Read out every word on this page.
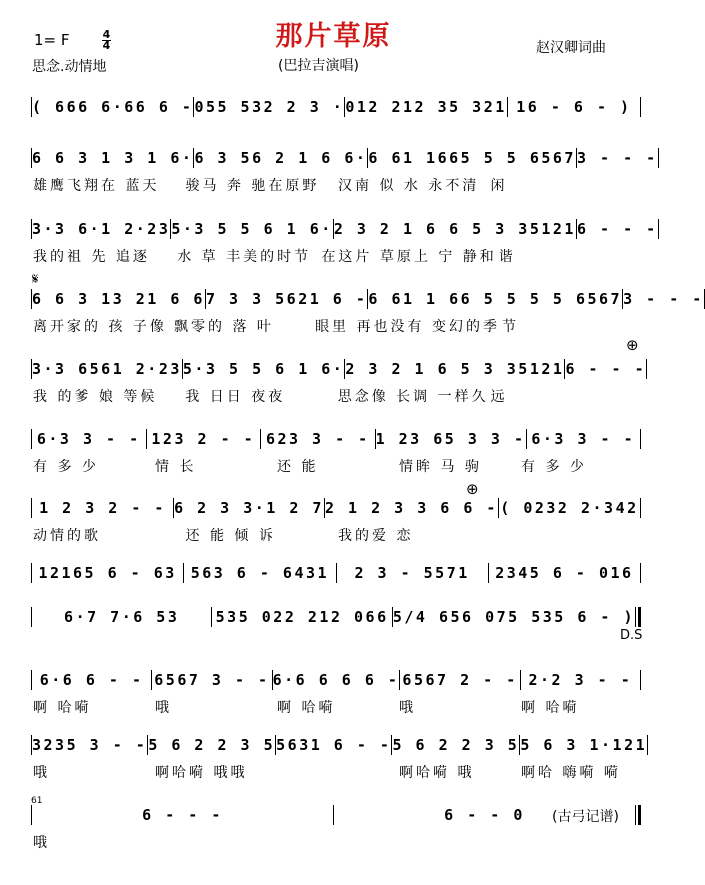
那片草原
1= F	4
4
思念.动情地	(巴拉吉演唱)
赵汉卿词曲
( 666 6·66 6 - 055 532 2 3 · 012 212 35 321 16 - 6 - )
6 6 3 1 3 1 6· 6 3 56 2 1 6 6· 6 61 1665 5 5 6567 3 - - -
雄鹰飞翔在 蓝天	骏马 奔 驰在原野	汉南 似 水 永不清 闲
3·3 6·1 2·23 5·3 5 5 6 1 6· 2 3 2 1 6 6 5 3 35121 6 - - -
我的祖 先 追逐	水 草 丰美的时节 在这片 草原上 宁 静和 谐
6 6 3 13 21 6 6 7 3 3 5621 6 - 6 61 1 66 5 5 5 5 6567 3 - - -
离开家的 孩 子像 飘零的 落 叶	眼里 再也没有 变幻的季 节
3·3 6561 2·23 5·3 5 5 6 1 6· 2 3 2 1 6 5 3 35121 6 - - -
我 的爹 娘 等候	我 日日 夜夜	思念像 长调 一样久 远
6·3 3 - - 123 2 - - 623 3 - - 1 23 65 3 3 - 6·3 3 - -
有 多 少	情 长	还 能	情眸 马 驹	有 多 少
1 2 3 2 - - 6 2 3 3·1 2 7 2 1 2 3 3 6 6 - ( 0232 2·342
动情的歌	还 能 倾 诉	我的爱 恋
12165 6 - 63 563 6 - 6431	2 3 - 5571	2345 6 - 016
6·7 7·6 53	535 022 212 066 5/4 656 075 535 6 - )
6·6 6 - - 6567 3 - - 6·6 6 6 6 - 6567 2 - - 2·2 3 - -
啊 哈嗬	哦	啊 哈嗬	哦	啊 哈嗬
3235 3 - - 5 6 2 2 3 5 5631 6 - - 5 6 2 2 3 5 5 6 3 1·121
哦	啊哈嗬 哦哦	啊哈嗬 哦	啊哈 嗨嗬 嗬
6 - - -	6 - - 0
哦
D.S
(古弓记谱)
𝄋
⊕
⊕
61
